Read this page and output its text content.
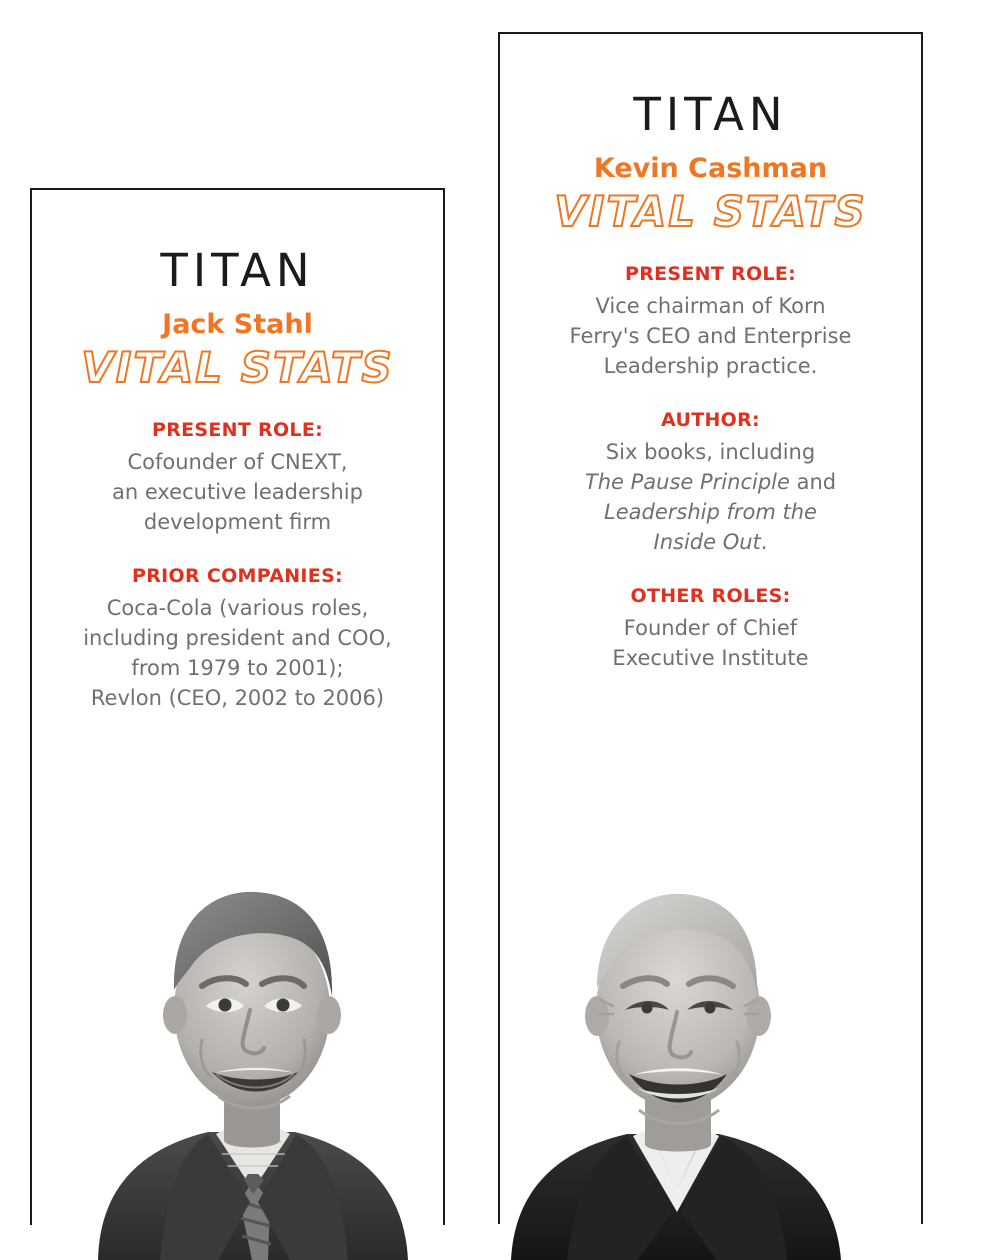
TITAN
Jack Stahl
VITAL STATS
PRESENT ROLE:
Cofounder of CNEXT,
an executive leadership
development firm
PRIOR COMPANIES:
Coca-Cola (various roles,
including president and COO,
from 1979 to 2001);
Revlon (CEO, 2002 to 2006)
TITAN
Kevin Cashman
VITAL STATS
PRESENT ROLE:
Vice chairman of Korn
Ferry's CEO and Enterprise
Leadership practice.
AUTHOR:
Six books, including
The Pause Principle and
Leadership from the
Inside Out.
OTHER ROLES:
Founder of Chief
Executive Institute
